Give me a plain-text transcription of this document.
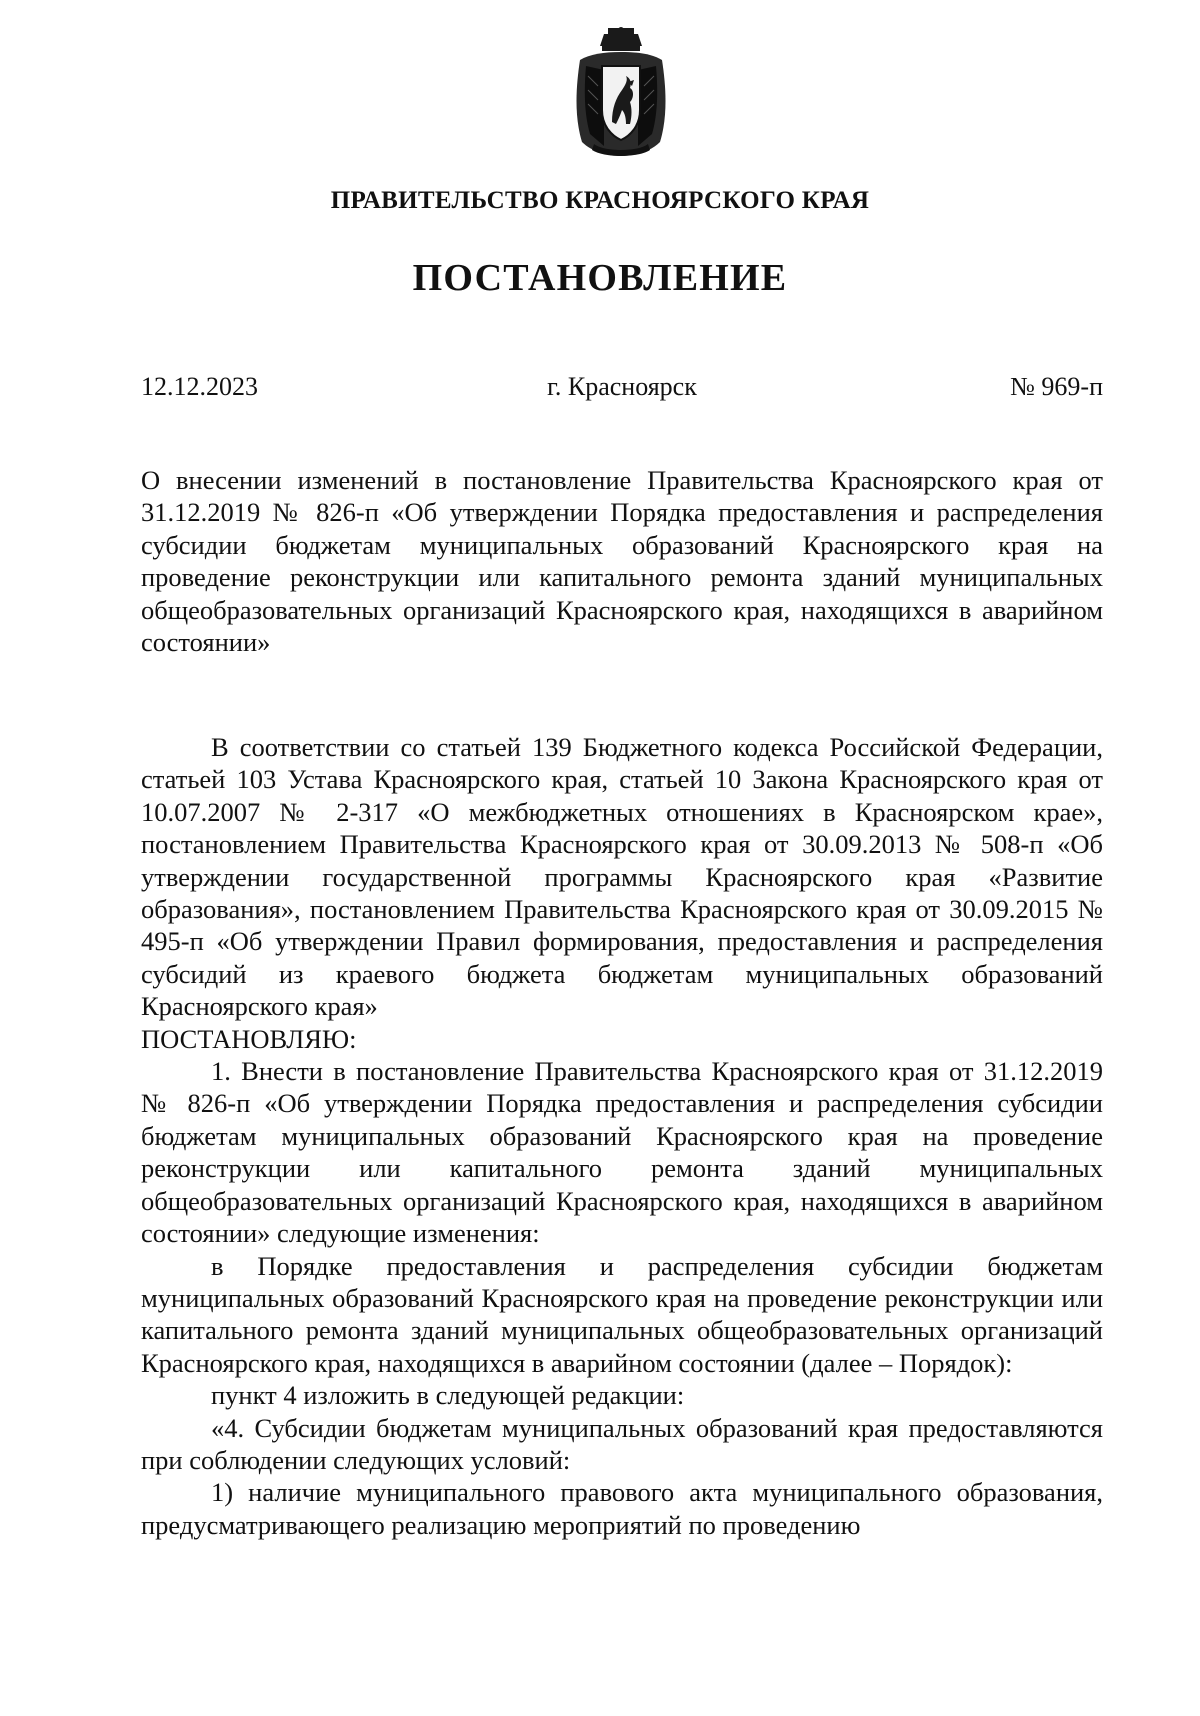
ПРАВИТЕЛЬСТВО КРАСНОЯРСКОГО КРАЯ
ПОСТАНОВЛЕНИЕ
г. Красноярск
12.12.2023	№ 969-п

О внесении изменений в постановление Правительства Красноярского края от 31.12.2019 № 826-п «Об утверждении Порядка предоставления и распределения субсидии бюджетам муниципальных образований Красноярского края на проведение реконструкции или капитального ремонта зданий муниципальных общеобразовательных организаций Красноярского края, находящихся в аварийном состоянии»

В соответствии со статьей 139 Бюджетного кодекса Российской Федерации, статьей 103 Устава Красноярского края, статьей 10 Закона Красноярского края от 10.07.2007 № 2-317 «О межбюджетных отношениях в Красноярском крае», постановлением Правительства Красноярского края от 30.09.2013 № 508-п «Об утверждении государственной программы Красноярского края «Развитие образования», постановлением Правительства Красноярского края от 30.09.2015 № 495-п «Об утверждении Правил формирования, предоставления и распределения субсидий из краевого бюджета бюджетам муниципальных образований Красноярского края»

ПОСТАНОВЛЯЮ:

1. Внести в постановление Правительства Красноярского края от 31.12.2019 № 826-п «Об утверждении Порядка предоставления и распределения субсидии бюджетам муниципальных образований Красноярского края на проведение реконструкции или капитального ремонта зданий муниципальных общеобразовательных организаций Красноярского края, находящихся в аварийном состоянии» следующие изменения:

в Порядке предоставления и распределения субсидии бюджетам муниципальных образований Красноярского края на проведение реконструкции или капитального ремонта зданий муниципальных общеобразовательных организаций Красноярского края, находящихся в аварийном состоянии (далее – Порядок):

пункт 4 изложить в следующей редакции:

«4. Субсидии бюджетам муниципальных образований края предоставляются при соблюдении следующих условий:

1) наличие муниципального правового акта муниципального образования, предусматривающего реализацию мероприятий по проведению
